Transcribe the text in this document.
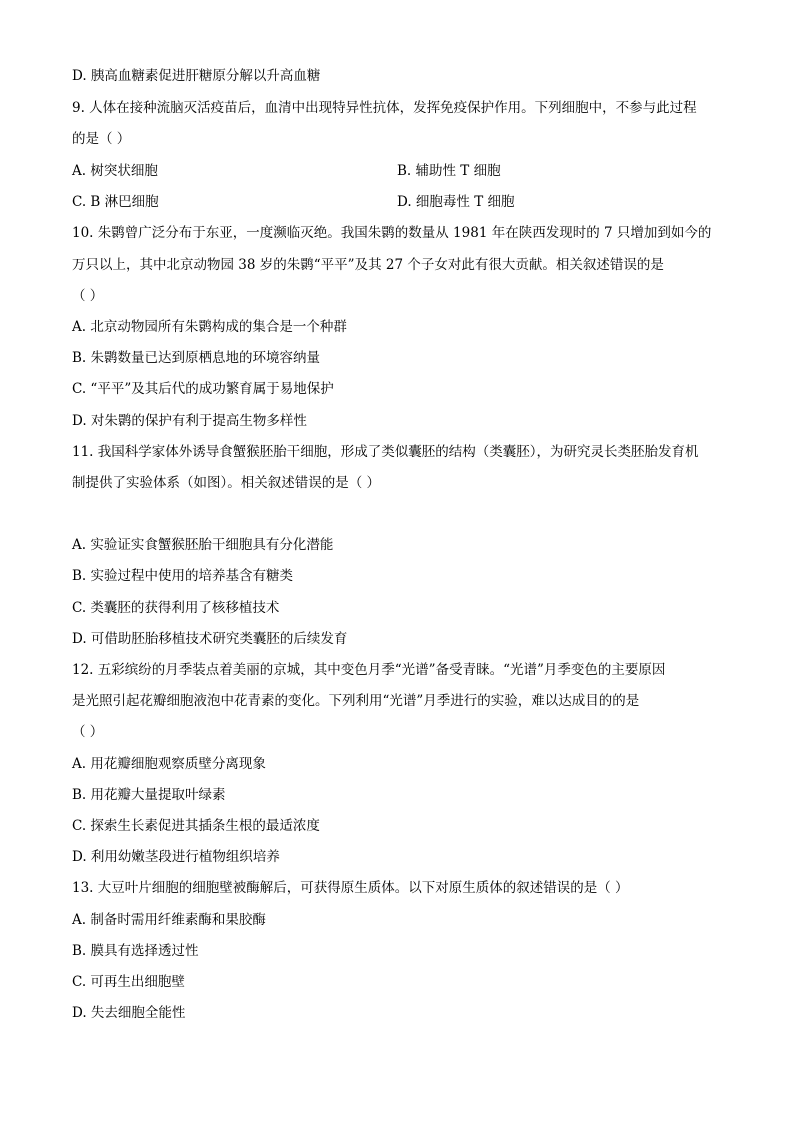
D. 胰高血糖素促进肝糖原分解以升高血糖
9. 人体在接种流脑灭活疫苗后，血清中出现特异性抗体，发挥免疫保护作用。下列细胞中，不参与此过程
的是（ ）
A. 树突状细胞	B. 辅助性 T 细胞
C. B 淋巴细胞	D. 细胞毒性 T 细胞
10. 朱鹮曾广泛分布于东亚，一度濒临灭绝。我国朱鹮的数量从 1981 年在陕西发现时的 7 只增加到如今的
万只以上，其中北京动物园 38 岁的朱鹮“平平”及其 27 个子女对此有很大贡献。相关叙述错误的是
（ ）
A. 北京动物园所有朱鹮构成的集合是一个种群
B. 朱鹮数量已达到原栖息地的环境容纳量
C. “平平”及其后代的成功繁育属于易地保护
D. 对朱鹮的保护有利于提高生物多样性
11. 我国科学家体外诱导食蟹猴胚胎干细胞，形成了类似囊胚的结构（类囊胚），为研究灵长类胚胎发育机
制提供了实验体系（如图）。相关叙述错误的是（ ）
A. 实验证实食蟹猴胚胎干细胞具有分化潜能
B. 实验过程中使用的培养基含有糖类
C. 类囊胚的获得利用了核移植技术
D. 可借助胚胎移植技术研究类囊胚的后续发育
12. 五彩缤纷的月季装点着美丽的京城，其中变色月季“光谱”备受青睐。“光谱”月季变色的主要原因
是光照引起花瓣细胞液泡中花青素的变化。下列利用“光谱”月季进行的实验，难以达成目的的是
（ ）
A. 用花瓣细胞观察质壁分离现象
B. 用花瓣大量提取叶绿素
C. 探索生长素促进其插条生根的最适浓度
D. 利用幼嫩茎段进行植物组织培养
13. 大豆叶片细胞的细胞壁被酶解后，可获得原生质体。以下对原生质体的叙述错误的是（ ）
A. 制备时需用纤维素酶和果胶酶
B. 膜具有选择透过性
C. 可再生出细胞壁
D. 失去细胞全能性
